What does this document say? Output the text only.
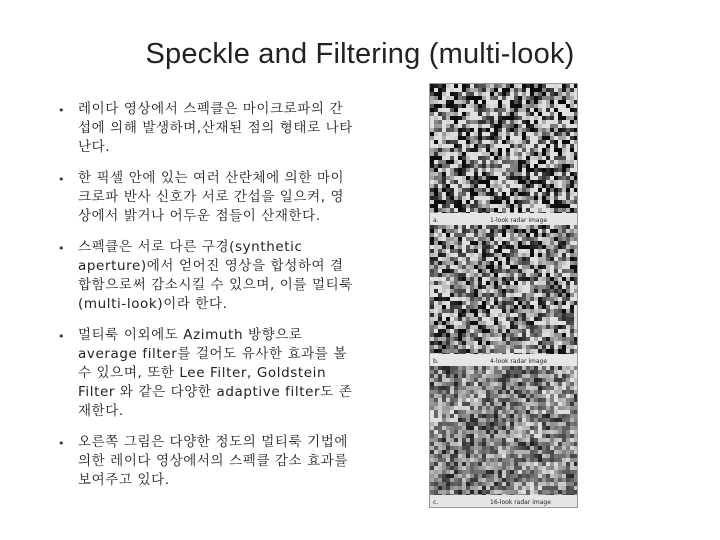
Speckle and Filtering (multi-look)
• 레이다 영상에서 스펙클은 마이크로파의 간섭에 의해 발생하며,산재된 점의 형태로 나타난다.
• 한 픽셀 안에 있는 여러 산란체에 의한 마이크로파 반사 신호가 서로 간섭을 일으켜, 영상에서 밝거나 어두운 점들이 산재한다.
• 스펙클은 서로 다른 구경(synthetic aperture)에서 얻어진 영상을 합성하여 결합함으로써 감소시킬 수 있으며, 이를 멀티룩(multi-look)이라 한다.
• 멀티룩 이외에도 Azimuth 방향으로 average filter를 걸어도 유사한 효과를 볼 수 있으며, 또한 Lee Filter, Goldstein Filter 와 같은 다양한 adaptive filter도 존재한다.
• 오른쪽 그림은 다양한 정도의 멀티룩 기법에 의한 레이다 영상에서의 스펙클 감소 효과를 보여주고 있다.
a.	1-look radar image
b.	4-look radar image
c.	16-look radar image
